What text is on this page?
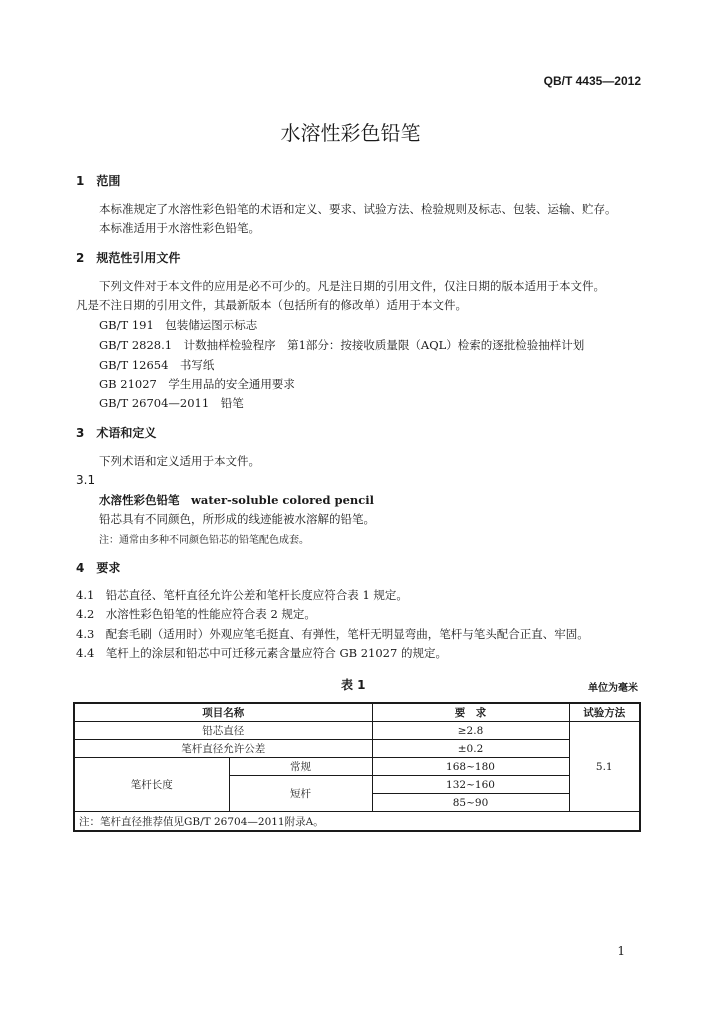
QB/T 4435—2012
水溶性彩色铅笔
1　范围
本标准规定了水溶性彩色铅笔的术语和定义、要求、试验方法、检验规则及标志、包装、运输、贮存。
本标准适用于水溶性彩色铅笔。
2　规范性引用文件
下列文件对于本文件的应用是必不可少的。凡是注日期的引用文件，仅注日期的版本适用于本文件。
凡是不注日期的引用文件，其最新版本（包括所有的修改单）适用于本文件。
GB/T 191　包装储运图示标志
GB/T 2828.1　计数抽样检验程序　第1部分：按接收质量限（AQL）检索的逐批检验抽样计划
GB/T 12654　书写纸
GB 21027　学生用品的安全通用要求
GB/T 26704—2011　铅笔
3　术语和定义
下列术语和定义适用于本文件。
3.1
水溶性彩色铅笔　water-soluble colored pencil
铅芯具有不同颜色，所形成的线迹能被水溶解的铅笔。
注：通常由多种不同颜色铅芯的铅笔配色成套。
4　要求
4.1　铅芯直径、笔杆直径允许公差和笔杆长度应符合表 1 规定。
4.2　水溶性彩色铅笔的性能应符合表 2 规定。
4.3　配套毛刷（适用时）外观应笔毛挺直、有弹性，笔杆无明显弯曲，笔杆与笔头配合正直、牢固。
4.4　笔杆上的涂层和铅芯中可迁移元素含量应符合 GB 21027 的规定。
表 1	单位为毫米
项目名称		要　求	试验方法
铅芯直径		≥2.8	5.1
笔杆直径允许公差		±0.2	
笔杆长度	常规	168~180	
	短杆	132~160	
		85~90	
注：笔杆直径推荐值见GB/T 26704—2011附录A。			
1
